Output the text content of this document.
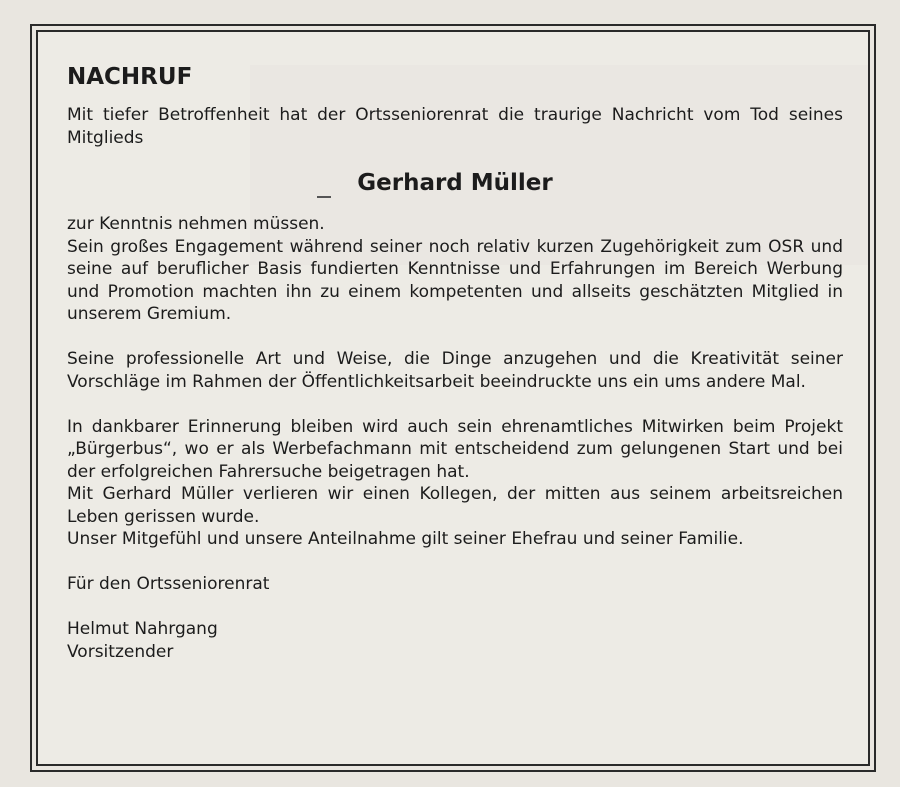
NACHRUF

Mit tiefer Betroffenheit hat der Ortsseniorenrat die traurige Nachricht vom Tod seines Mitglieds

Gerhard Müller

zur Kenntnis nehmen müssen.

Sein großes Engagement während seiner noch relativ kurzen Zugehörigkeit zum OSR und seine auf beruflicher Basis fundierten Kenntnisse und Erfahrungen im Bereich Werbung und Promotion machten ihn zu einem kompetenten und allseits geschätzten Mitglied in unserem Gremium.

Seine professionelle Art und Weise, die Dinge anzugehen und die Kreativität seiner Vorschläge im Rahmen der Öffentlichkeitsarbeit beeindruckte uns ein ums andere Mal.

In dankbarer Erinnerung bleiben wird auch sein ehrenamtliches Mitwirken beim Projekt „Bürgerbus“, wo er als Werbefachmann mit entscheidend zum gelungenen Start und bei der erfolgreichen Fahrersuche beigetragen hat.

Mit Gerhard Müller verlieren wir einen Kollegen, der mitten aus seinem arbeitsreichen Leben gerissen wurde.

Unser Mitgefühl und unsere Anteilnahme gilt seiner Ehefrau und seiner Familie.

Für den Ortsseniorenrat

Helmut Nahrgang

Vorsitzender
